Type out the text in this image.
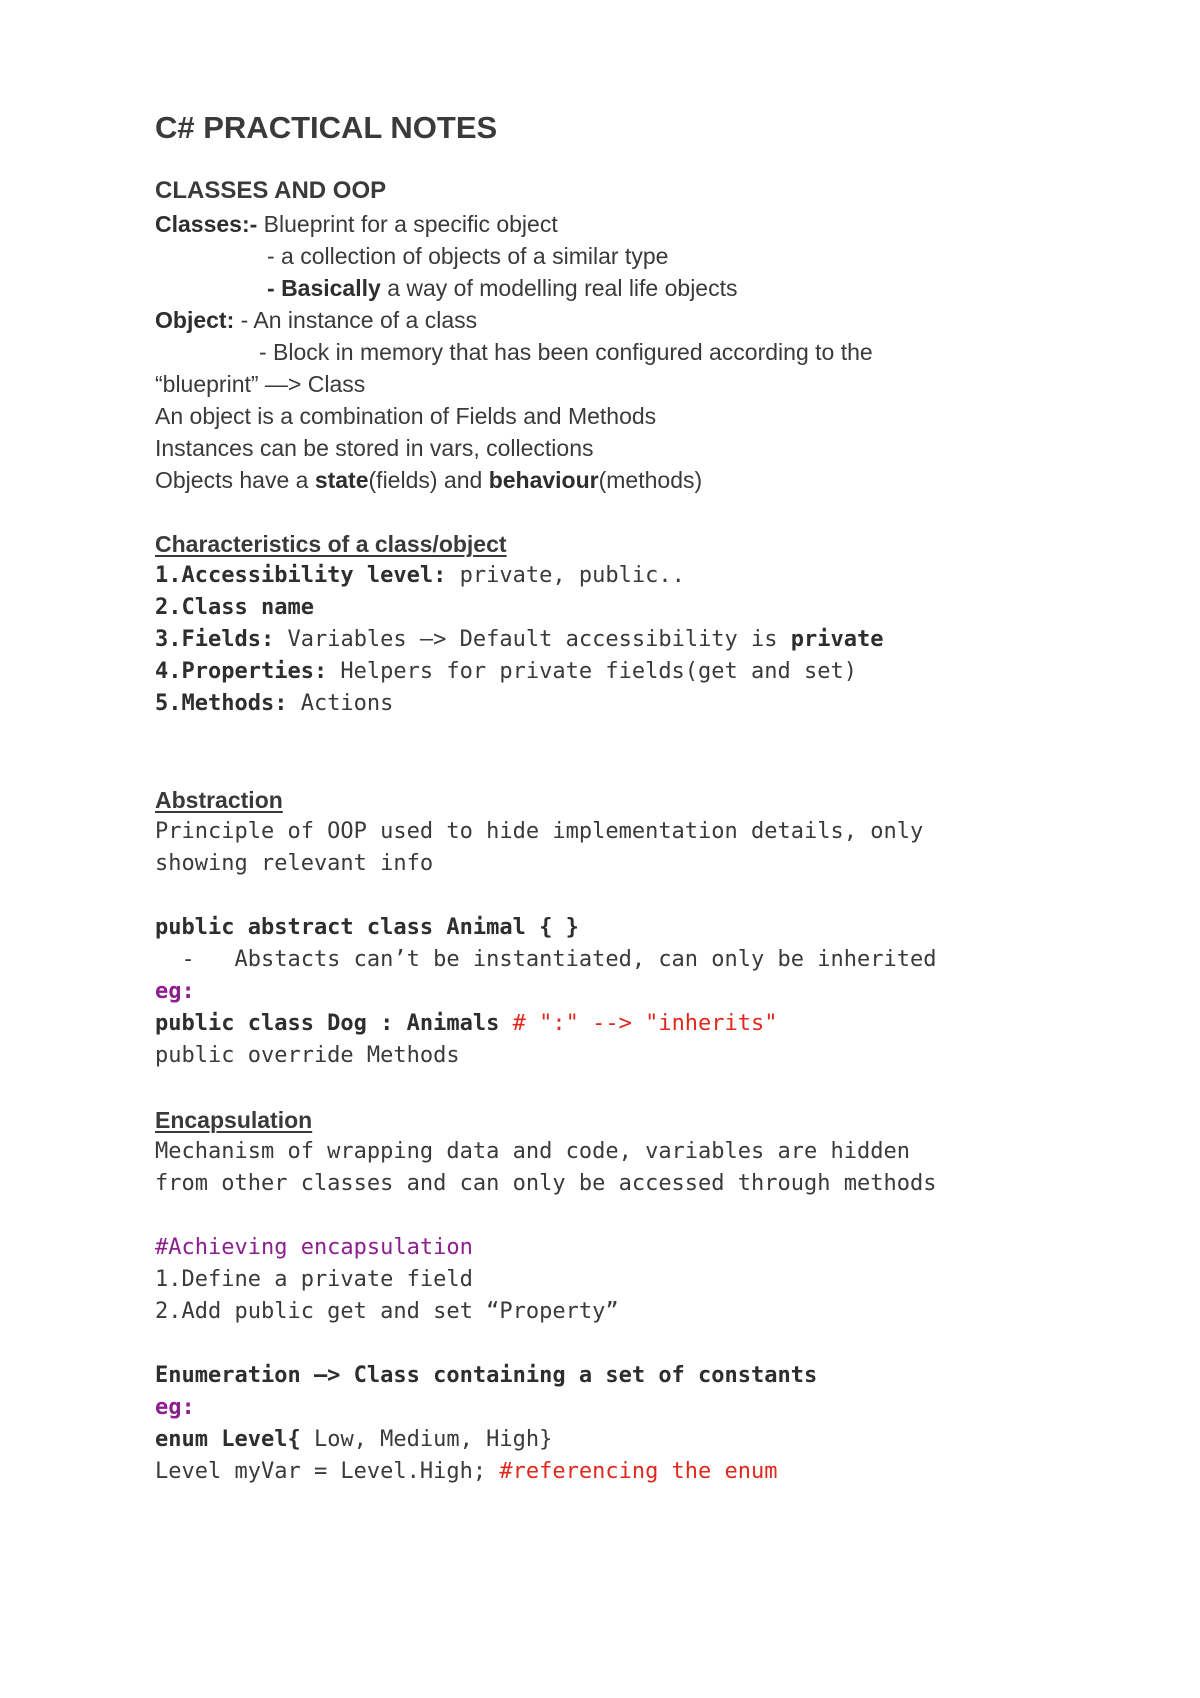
C# PRACTICAL NOTES
CLASSES AND OOP
Classes:- Blueprint for a specific object
- a collection of objects of a similar type
- Basically a way of modelling real life objects
Object: - An instance of a class
- Block in memory that has been configured according to the
“blueprint” —> Class
An object is a combination of Fields and Methods
Instances can be stored in vars, collections
Objects have a state(fields) and behaviour(methods)
Characteristics of a class/object
1.Accessibility level: private, public..
2.Class name
3.Fields: Variables —> Default accessibility is private
4.Properties: Helpers for private fields(get and set)
5.Methods: Actions
Abstraction
Principle of OOP used to hide implementation details, only
showing relevant info
public abstract class Animal { }
-   Abstacts can’t be instantiated, can only be inherited
eg:
public class Dog : Animals # ":" --> "inherits"
public override Methods
Encapsulation
Mechanism of wrapping data and code, variables are hidden
from other classes and can only be accessed through methods
#Achieving encapsulation
1.Define a private field
2.Add public get and set “Property”
Enumeration —> Class containing a set of constants
eg:
enum Level{ Low, Medium, High}
Level myVar = Level.High; #referencing the enum
